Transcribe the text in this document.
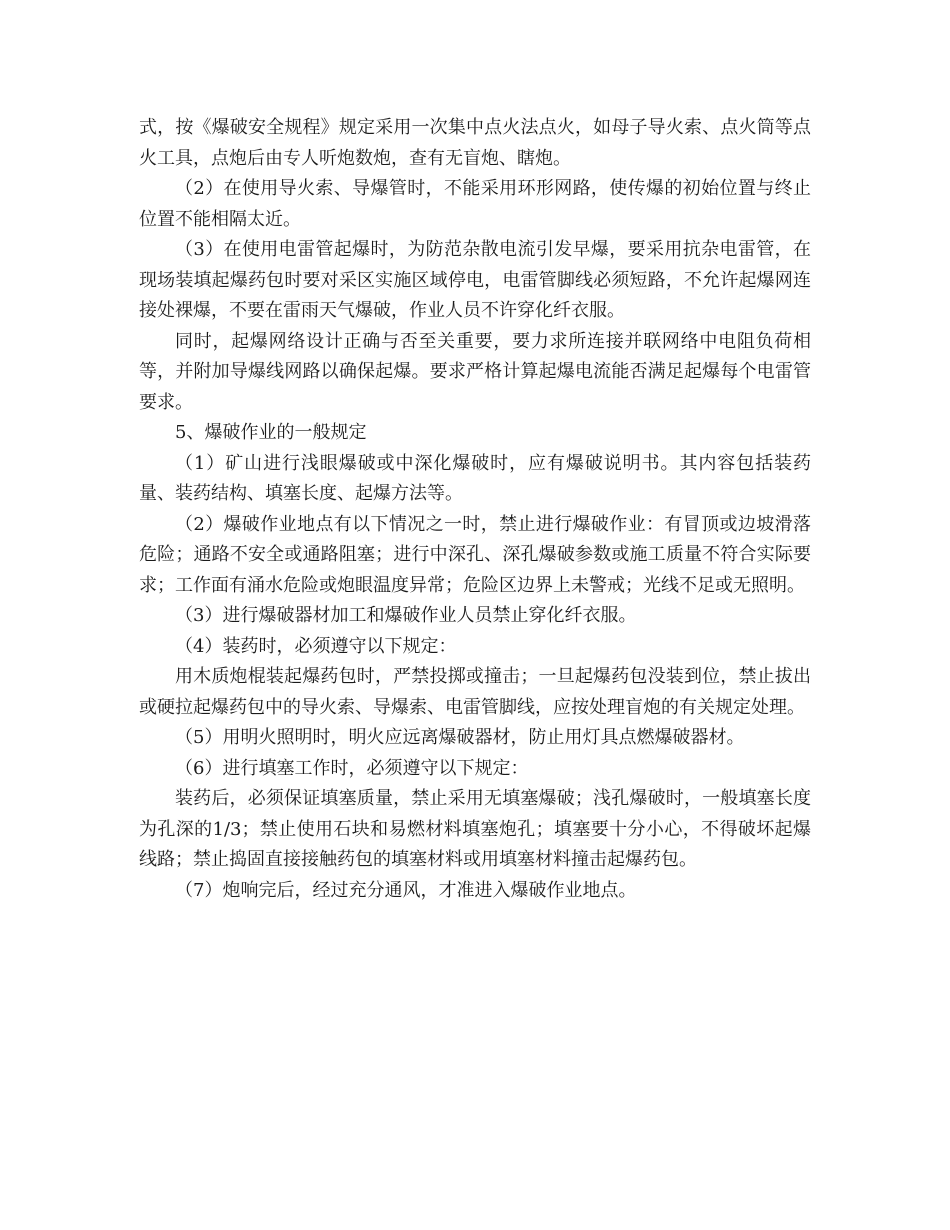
式，按《爆破安全规程》规定采用一次集中点火法点火，如母子导火索、点火筒等点火工具，点炮后由专人听炮数炮，查有无盲炮、瞎炮。

（2）在使用导火索、导爆管时，不能采用环形网路，使传爆的初始位置与终止位置不能相隔太近。

（3）在使用电雷管起爆时，为防范杂散电流引发早爆，要采用抗杂电雷管，在现场装填起爆药包时要对采区实施区域停电，电雷管脚线必须短路，不允许起爆网连接处裸爆，不要在雷雨天气爆破，作业人员不许穿化纤衣服。

同时，起爆网络设计正确与否至关重要，要力求所连接并联网络中电阻负荷相等，并附加导爆线网路以确保起爆。要求严格计算起爆电流能否满足起爆每个电雷管要求。

5、爆破作业的一般规定

（1）矿山进行浅眼爆破或中深化爆破时，应有爆破说明书。其内容包括装药量、装药结构、填塞长度、起爆方法等。

（2）爆破作业地点有以下情况之一时，禁止进行爆破作业：有冒顶或边坡滑落危险；通路不安全或通路阻塞；进行中深孔、深孔爆破参数或施工质量不符合实际要求；工作面有涌水危险或炮眼温度异常；危险区边界上未警戒；光线不足或无照明。

（3）进行爆破器材加工和爆破作业人员禁止穿化纤衣服。

（4）装药时，必须遵守以下规定：

用木质炮棍装起爆药包时，严禁投掷或撞击；一旦起爆药包没装到位，禁止拔出或硬拉起爆药包中的导火索、导爆索、电雷管脚线，应按处理盲炮的有关规定处理。

（5）用明火照明时，明火应远离爆破器材，防止用灯具点燃爆破器材。

（6）进行填塞工作时，必须遵守以下规定：

装药后，必须保证填塞质量，禁止采用无填塞爆破；浅孔爆破时，一般填塞长度为孔深的1/3；禁止使用石块和易燃材料填塞炮孔；填塞要十分小心，不得破坏起爆线路；禁止捣固直接接触药包的填塞材料或用填塞材料撞击起爆药包。

（7）炮响完后，经过充分通风，才准进入爆破作业地点。
